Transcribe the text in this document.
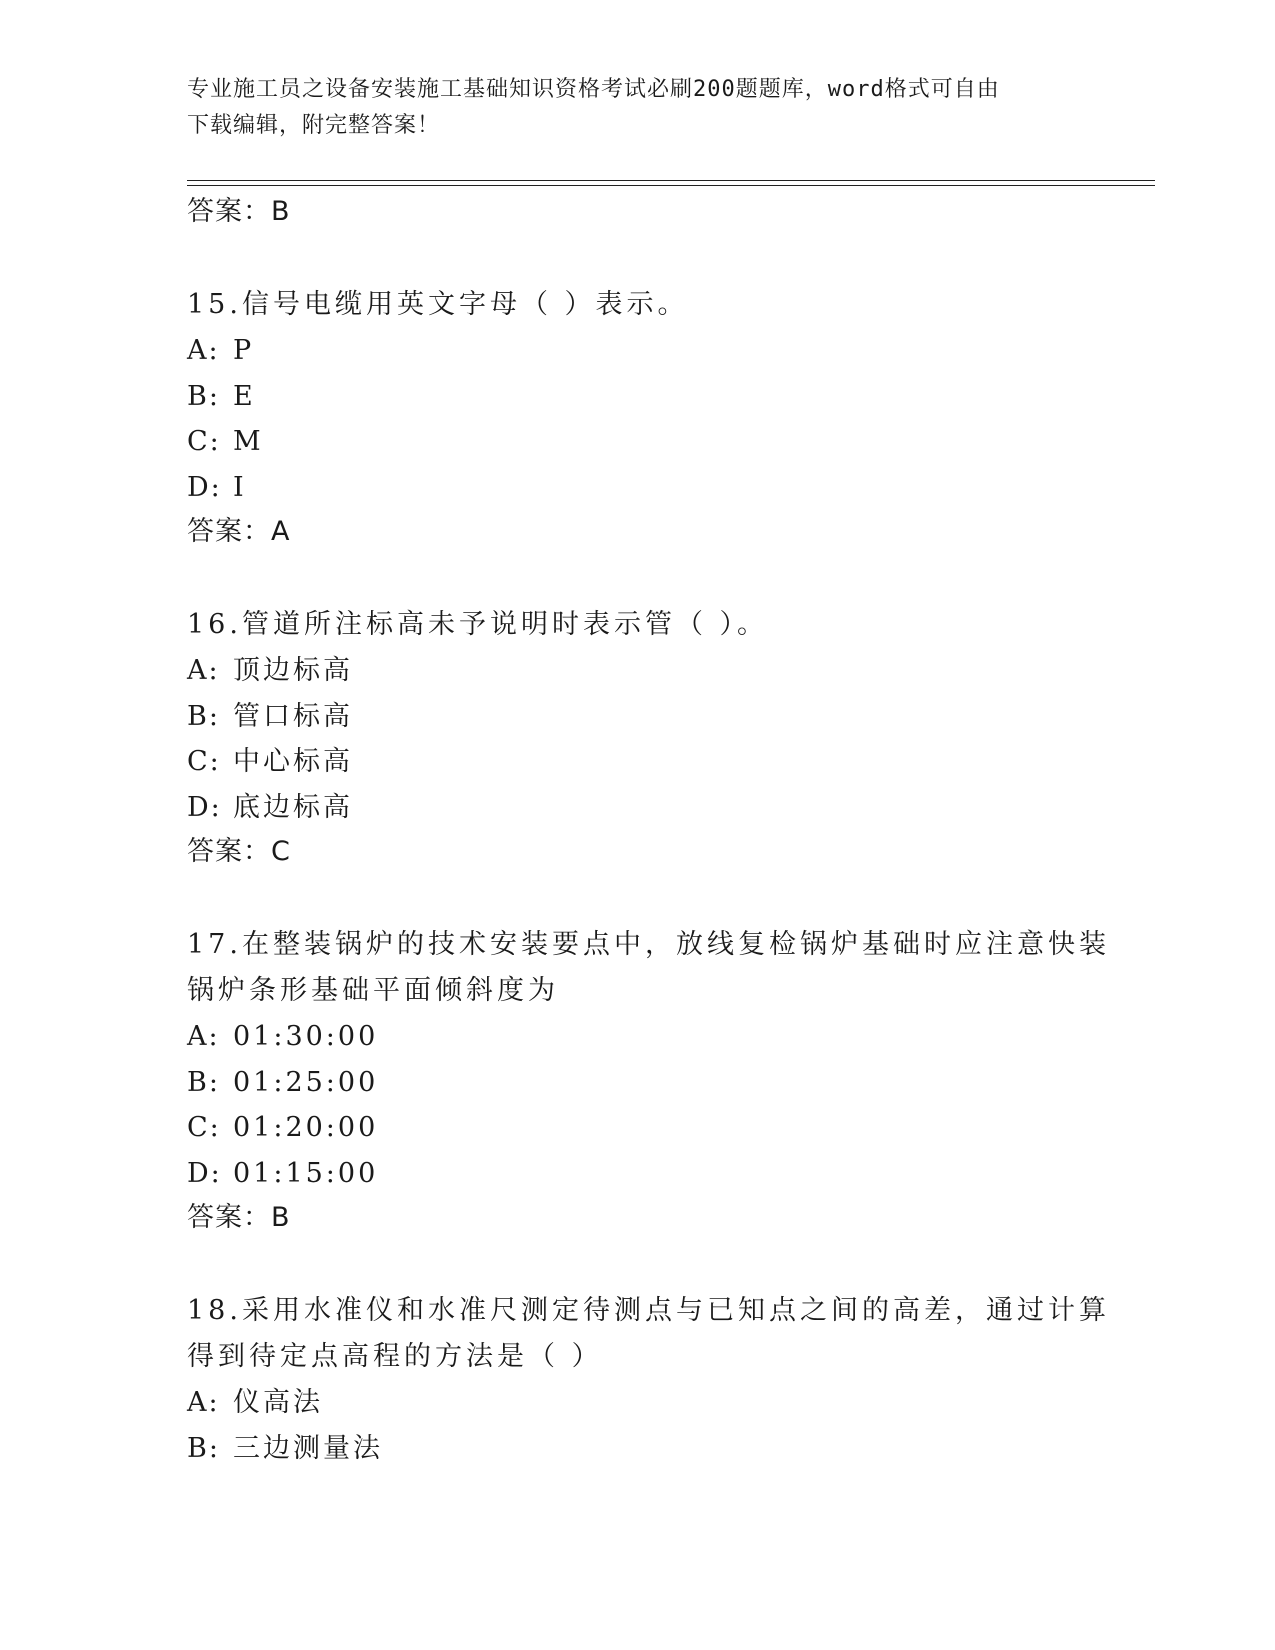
专业施工员之设备安装施工基础知识资格考试必刷200题题库，word格式可自由
下载编辑，附完整答案！

答案：B

15.信号电缆用英文字母（ ）表示。

A: P

B: E

C: M

D: I

答案：A

16.管道所注标高未予说明时表示管（ ）。

A: 顶边标高

B: 管口标高

C: 中心标高

D: 底边标高

答案：C

17.在整装锅炉的技术安装要点中，放线复检锅炉基础时应注意快装锅炉条形基础平面倾斜度为

A: 01:30:00

B: 01:25:00

C: 01:20:00

D: 01:15:00

答案：B

18.采用水准仪和水准尺测定待测点与已知点之间的高差，通过计算得到待定点高程的方法是（ ）

A: 仪高法

B: 三边测量法
